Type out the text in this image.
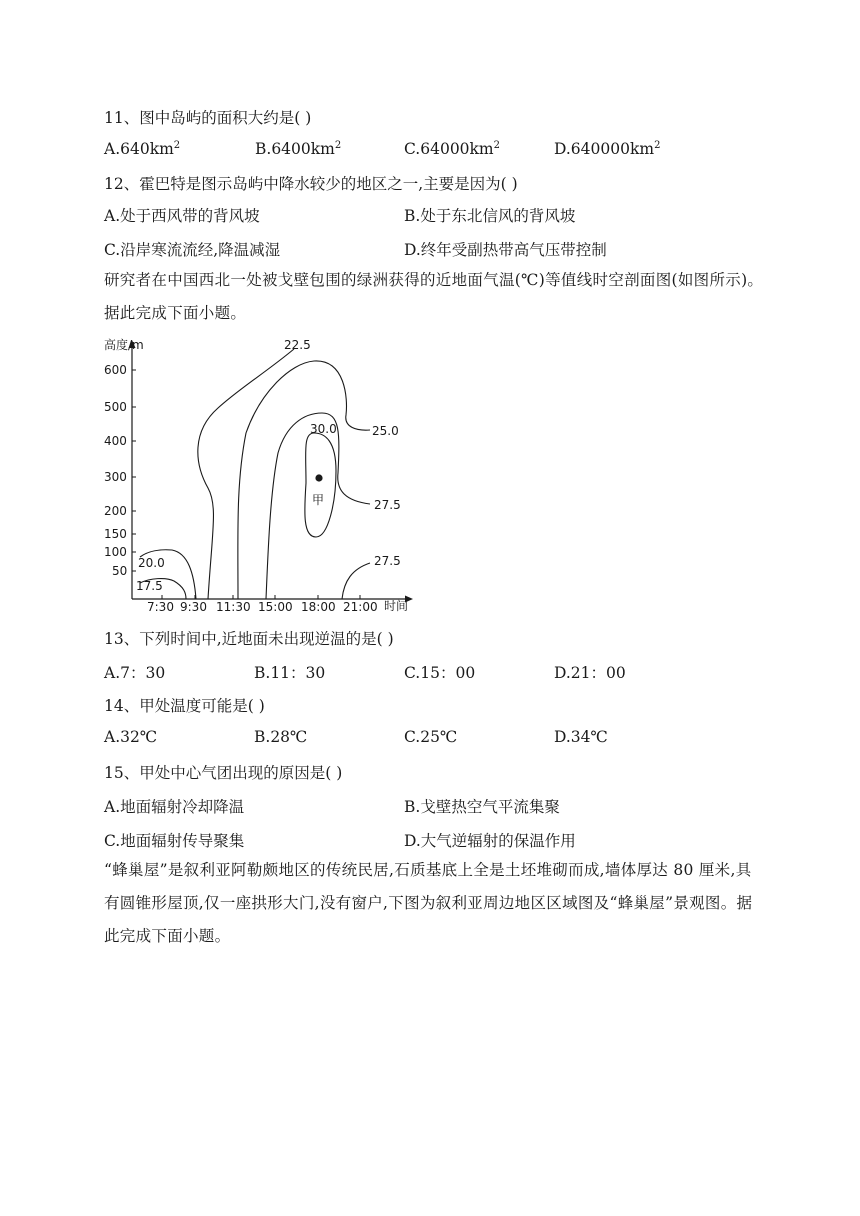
11、图中岛屿的面积大约是( )
$A.640km^2$	$B.6400km^2$	$C.64000km^2$	$D.640000km^2$
12、霍巴特是图示岛屿中降水较少的地区之一,主要是因为( )
A.处于西风带的背风坡	B.处于东北信风的背风坡
C.沿岸寒流流经,降温减湿	D.终年受副热带高气压带控制
研究者在中国西北一处被戈壁包围的绿洲获得的近地面气温(℃)等值线时空剖面图(如图所示)。据此完成下面小题。
高度/m
时间
600
500
400
300
200
150
100
50
7:30 9:30 11:30 15:00 18:00 21:00
22.5
25.0
30.0
27.5
27.5
20.0
17.5
甲
13、下列时间中,近地面未出现逆温的是( )
A.7：30	B.11：30	C.15：00	D.21：00
14、甲处温度可能是( )
A.32℃	B.28℃	C.25℃	D.34℃
15、甲处中心气团出现的原因是( )
A.地面辐射冷却降温	B.戈壁热空气平流集聚
C.地面辐射传导聚集	D.大气逆辐射的保温作用
“蜂巢屋”是叙利亚阿勒颇地区的传统民居,石质基底上全是土坯堆砌而成,墙体厚达 80 厘米,具有圆锥形屋顶,仅一座拱形大门,没有窗户,下图为叙利亚周边地区区域图及“蜂巢屋”景观图。据此完成下面小题。
